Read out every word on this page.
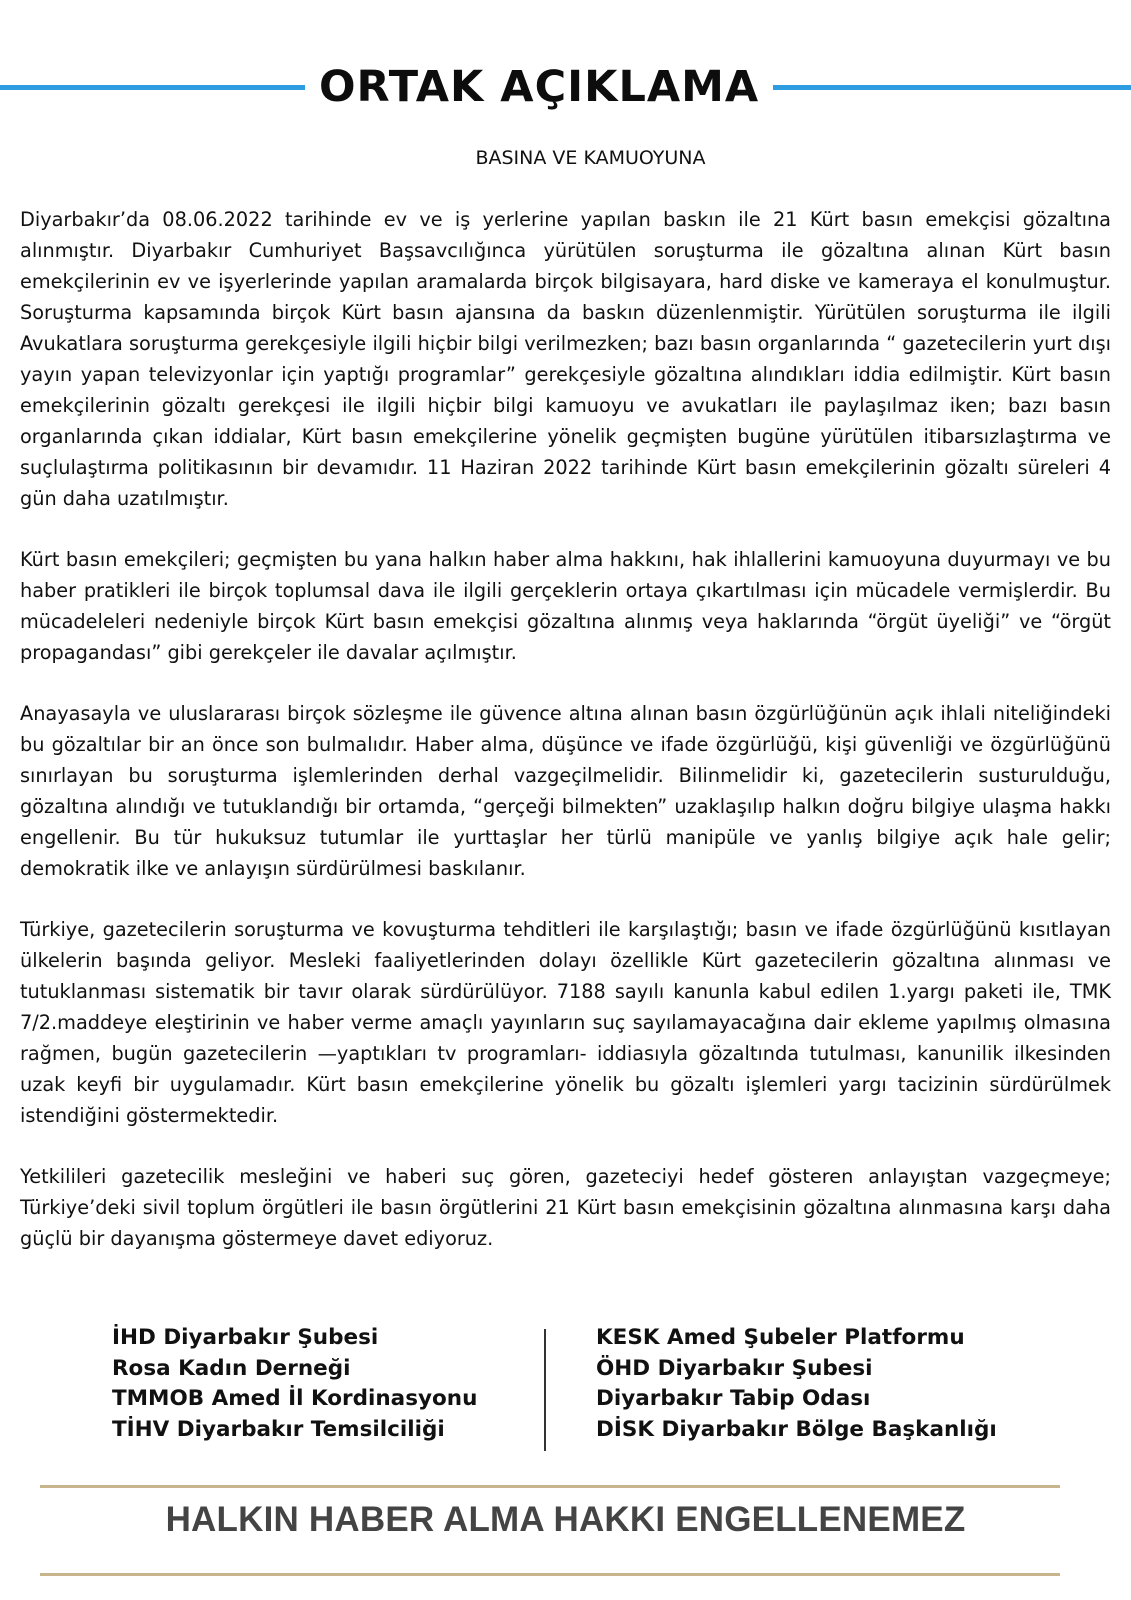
ORTAK AÇIKLAMA
BASINA VE KAMUOYUNA

Diyarbakır’da 08.06.2022 tarihinde ev ve iş yerlerine yapılan baskın ile 21 Kürt basın emekçisi gözaltına alınmıştır. Diyarbakır Cumhuriyet Başsavcılığınca yürütülen soruşturma ile gözaltına alınan Kürt basın emekçilerinin ev ve işyerlerinde yapılan aramalarda birçok bilgisayara, hard diske ve kameraya el konulmuştur. Soruşturma kapsamında birçok Kürt basın ajansına da baskın düzenlenmiştir. Yürütülen soruşturma ile ilgili Avukatlara soruşturma gerekçesiyle ilgili hiçbir bilgi verilmezken; bazı basın organlarında “ gazetecilerin yurt dışı yayın yapan televizyonlar için yaptığı programlar” gerekçesiyle gözaltına alındıkları iddia edilmiştir. Kürt basın emekçilerinin gözaltı gerekçesi ile ilgili hiçbir bilgi kamuoyu ve avukatları ile paylaşılmaz iken; bazı basın organlarında çıkan iddialar, Kürt basın emekçilerine yönelik geçmişten bugüne yürütülen itibarsızlaştırma ve suçlulaştırma politikasının bir devamıdır. 11 Haziran 2022 tarihinde Kürt basın emekçilerinin gözaltı süreleri 4 gün daha uzatılmıştır.

Kürt basın emekçileri; geçmişten bu yana halkın haber alma hakkını, hak ihlallerini kamuoyuna duyurmayı ve bu haber pratikleri ile birçok toplumsal dava ile ilgili gerçeklerin ortaya çıkartılması için mücadele vermişlerdir. Bu mücadeleleri nedeniyle birçok Kürt basın emekçisi gözaltına alınmış veya haklarında “örgüt üyeliği” ve “örgüt propagandası” gibi gerekçeler ile davalar açılmıştır.

Anayasayla ve uluslararası birçok sözleşme ile güvence altına alınan basın özgürlüğünün açık ihlali niteliğindeki bu gözaltılar bir an önce son bulmalıdır. Haber alma, düşünce ve ifade özgürlüğü, kişi güvenliği ve özgürlüğünü sınırlayan bu soruşturma işlemlerinden derhal vazgeçilmelidir. Bilinmelidir ki, gazetecilerin susturulduğu, gözaltına alındığı ve tutuklandığı bir ortamda, “gerçeği bilmekten” uzaklaşılıp halkın doğru bilgiye ulaşma hakkı engellenir. Bu tür hukuksuz tutumlar ile yurttaşlar her türlü manipüle ve yanlış bilgiye açık hale gelir; demokratik ilke ve anlayışın sürdürülmesi baskılanır.

Türkiye, gazetecilerin soruşturma ve kovuşturma tehditleri ile karşılaştığı; basın ve ifade özgürlüğünü kısıtlayan ülkelerin başında geliyor. Mesleki faaliyetlerinden dolayı özellikle Kürt gazetecilerin gözaltına alınması ve tutuklanması sistematik bir tavır olarak sürdürülüyor. 7188 sayılı kanunla kabul edilen 1.yargı paketi ile, TMK 7/2.maddeye eleştirinin ve haber verme amaçlı yayınların suç sayılamayacağına dair ekleme yapılmış olmasına rağmen, bugün gazetecilerin —yaptıkları tv programları- iddiasıyla gözaltında tutulması, kanunilik ilkesinden uzak keyfi bir uygulamadır. Kürt basın emekçilerine yönelik bu gözaltı işlemleri yargı tacizinin sürdürülmek istendiğini göstermektedir.

Yetkilileri gazetecilik mesleğini ve haberi suç gören, gazeteciyi hedef gösteren anlayıştan vazgeçmeye; Türkiye’deki sivil toplum örgütleri ile basın örgütlerini 21 Kürt basın emekçisinin gözaltına alınmasına karşı daha güçlü bir dayanışma göstermeye davet ediyoruz.

İHD Diyarbakır Şubesi
Rosa Kadın Derneği
TMMOB Amed İl Kordinasyonu
TİHV Diyarbakır Temsilciliği
KESK Amed Şubeler Platformu
ÖHD Diyarbakır Şubesi
Diyarbakır Tabip Odası
DİSK Diyarbakır Bölge Başkanlığı
HALKIN HABER ALMA HAKKI ENGELLENEMEZ
